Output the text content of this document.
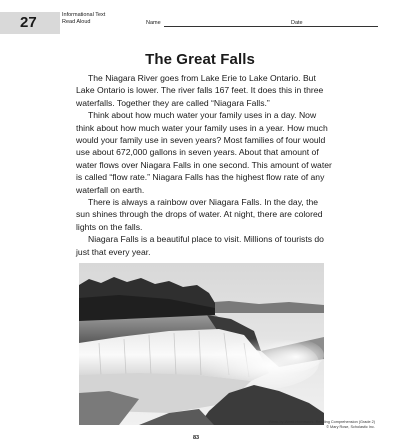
27	Informational Text
Read Aloud	Name	Date
The Great Falls

The Niagara River goes from Lake Erie to Lake Ontario. But Lake Ontario is lower. The river falls 167 feet. It does this in three waterfalls. Together they are called “Niagara Falls.”

Think about how much water your family uses in a day. Now think about how much water your family uses in a year. How much would your family use in seven years? Most families of four would use about 672,000 gallons in seven years. About that amount of water flows over Niagara Falls in one second. This amount of water is called “flow rate.” Niagara Falls has the highest flow rate of any waterfall on earth.

There is always a rainbow over Niagara Falls. In the day, the sun shines through the drops of water. At night, there are colored lights on the falls.

Niagara Falls is a beautiful place to visit. Millions of tourists do just that every year.

Week-by-Week Homework: Reading Comprehension (Grade 2)
© Mary Rose, Scholastic Inc.
83
